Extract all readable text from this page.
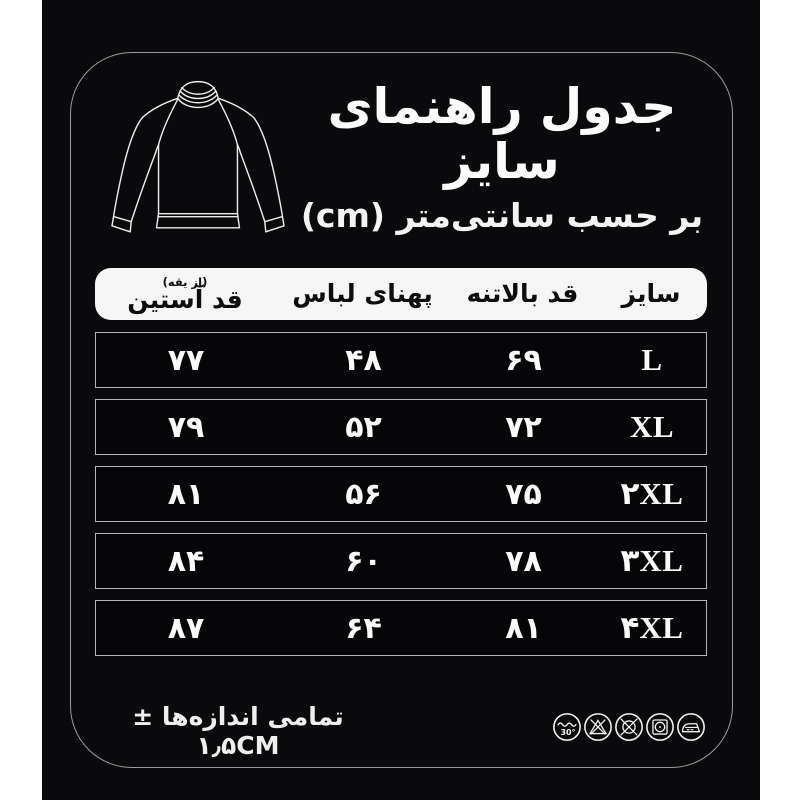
جدول راهنمای سایز
بر حسب سانتی‌متر (cm)
(از یقه)
قد آستین	پهنای لباس	قد بالاتنه	سایز
۷۷	۴۸	۶۹	L
۷۹	۵۲	۷۲	XL
۸۱	۵۶	۷۵	۲XL
۸۴	۶۰	۷۸	۳XL
۸۷	۶۴	۸۱	۴XL
تمامی اندازه‌ها ± ۱٫۵CM	30°
